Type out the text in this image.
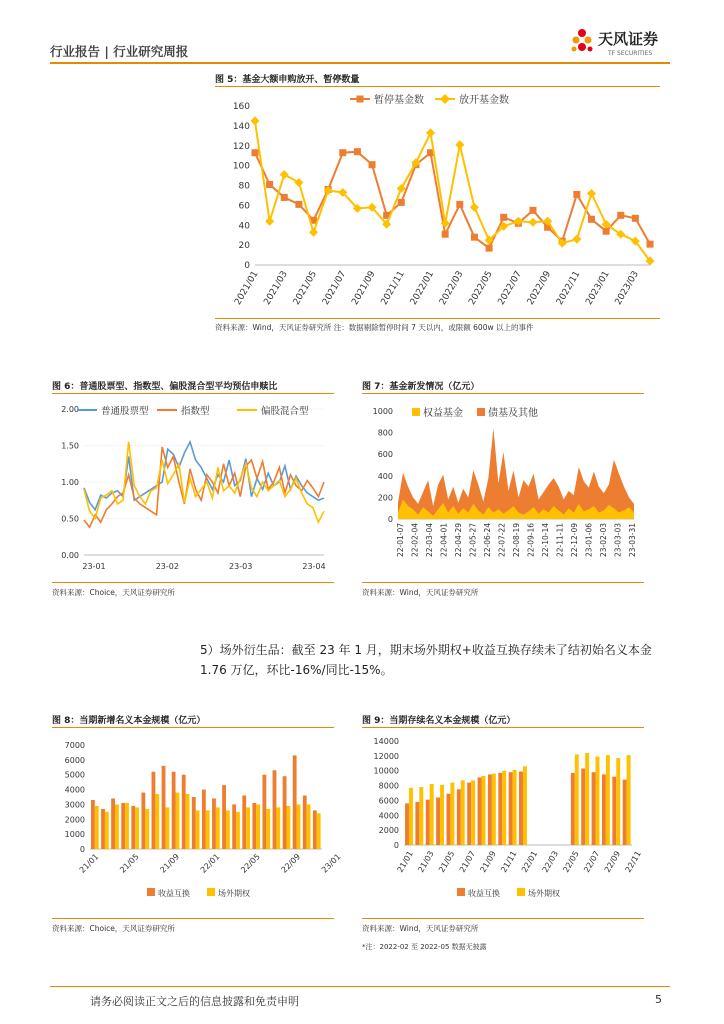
行业报告 | 行业研究周报
天风证券
TF SECURITIES
图 5：基金大额申购放开、暂停数量
0
20
40
60
80
100
120
140
160
2021/01 2021/03 2021/05 2021/07 2021/09 2021/11 2022/01 2022/03 2022/05 2022/07 2022/09 2022/11 2023/01 2023/03
暂停基金数	放开基金数
资料来源：Wind，天风证券研究所 注：数据剔除暂停时间 7 天以内，或限额 600w 以上的事件
图 6：普通股票型、指数型、偏股混合型平均预估申赎比
0.00
0.50
1.00
1.50
2.00
23-01	23-02	23-03	23-04
普通股票型	指数型	偏股混合型
资料来源：Choice，天风证券研究所
图 7：基金新发情况（亿元）
0
200
400
600
800
1000
22-01-07 22-02-04 22-03-04 22-04-01 22-04-29 22-05-27 22-06-24 22-07-22 22-08-19 22-09-16 22-10-14 22-11-11 22-12-09 23-01-06 23-02-03 23-03-03 23-03-31
权益基金	债基及其他
资料来源：Wind，天风证券研究所
5）场外衍生品：截至 23 年 1 月，期末场外期权+收益互换存续未了结初始名义本金 1.76 万亿，环比-16%/同比-15%。
图 8：当期新增名义本金规模（亿元）
0
1000
2000
3000
4000
5000
6000
7000
21/01 21/05 21/09 22/01 22/05 22/09 23/01
收益互换	场外期权
资料来源：Choice，天风证券研究所
图 9：当期存续名义本金规模（亿元）
0
2000
4000
6000
8000
10000
12000
14000
21/01 21/03 21/05 21/07 21/09 21/11 22/01 22/03 22/05 22/07 22/09 22/11
收益互换	场外期权
资料来源：Wind，天风证券研究所
*注：2022-02 至 2022-05 数据无披露
请务必阅读正文之后的信息披露和免责申明	5
